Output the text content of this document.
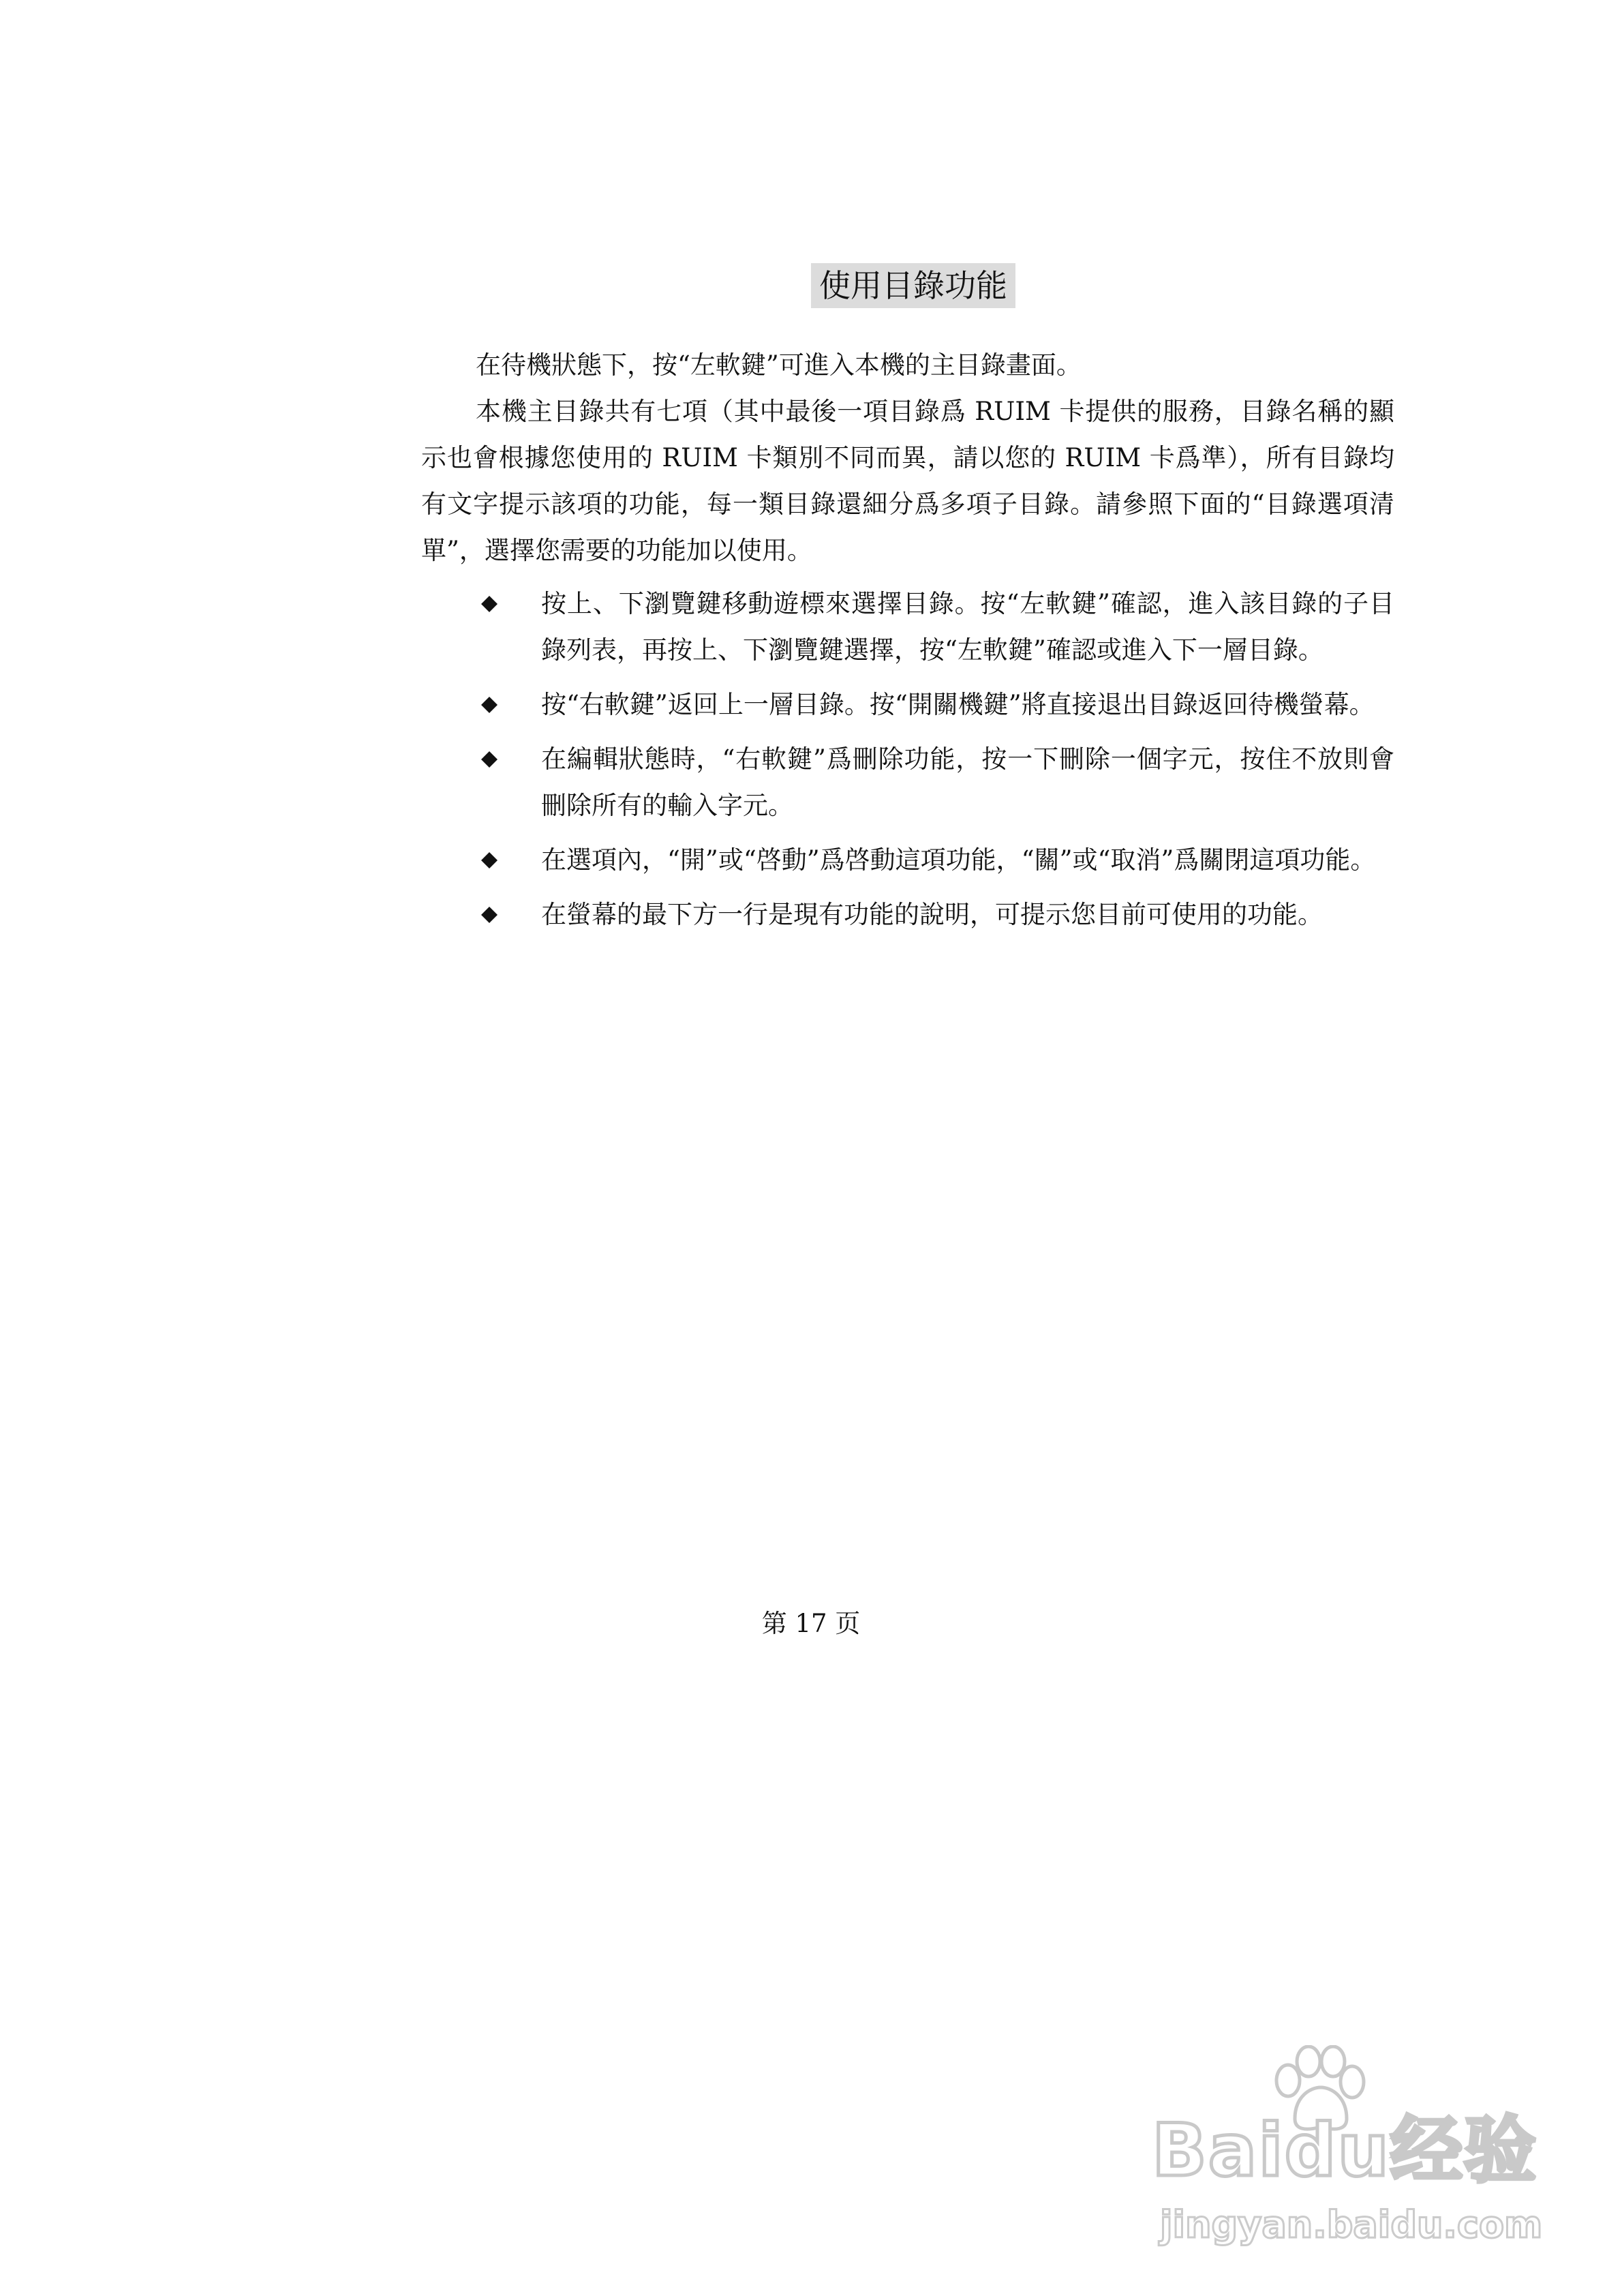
使用目錄功能

在待機狀態下，按“左軟鍵”可進入本機的主目錄畫面。

本機主目錄共有七項（其中最後一項目錄爲 RUIM 卡提供的服務，目錄名稱的顯示也會根據您使用的 RUIM 卡類別不同而異，請以您的 RUIM 卡爲準），所有目錄均有文字提示該項的功能，每一類目錄還細分爲多項子目錄。請參照下面的“目錄選項清單”，選擇您需要的功能加以使用。

按上、下瀏覽鍵移動遊標來選擇目錄。按“左軟鍵”確認，進入該目錄的子目錄列表，再按上、下瀏覽鍵選擇，按“左軟鍵”確認或進入下一層目錄。
按“右軟鍵”返回上一層目錄。按“開關機鍵”將直接退出目錄返回待機螢幕。
在編輯狀態時，“右軟鍵”爲刪除功能，按一下刪除一個字元，按住不放則會刪除所有的輸入字元。
在選項內，“開”或“啓動”爲啓動這項功能，“關”或“取消”爲關閉這項功能。
在螢幕的最下方一行是現有功能的說明，可提示您目前可使用的功能。
第 17 页
Baidu经验
jingyan.baidu.com
